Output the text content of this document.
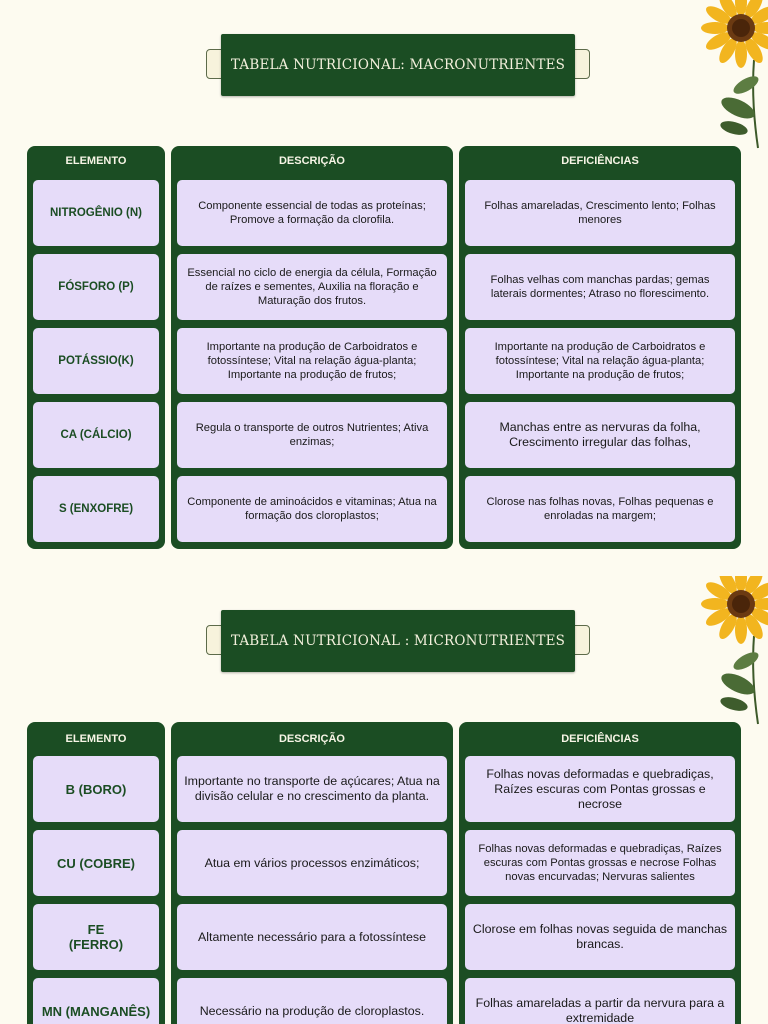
TABELA NUTRICIONAL: MACRONUTRIENTES
ELEMENTO
NITROGÊNIO (N)
FÓSFORO (P)
POTÁSSIO(K)
CA (CÁLCIO)
S (ENXOFRE)
DESCRIÇÃO
Componente essencial de todas as proteínas; Promove a formação da clorofila.
Essencial no ciclo de energia da célula, Formação de raízes e sementes, Auxilia na floração e Maturação dos frutos.
Importante na produção de Carboidratos e fotossíntese; Vital na relação água-planta; Importante na produção de frutos;
Regula o transporte de outros Nutrientes; Ativa enzimas;
Componente de aminoácidos e vitaminas; Atua na formação dos cloroplastos;
DEFICIÊNCIAS
Folhas amareladas, Crescimento lento; Folhas menores
Folhas velhas com manchas pardas; gemas laterais dormentes; Atraso no florescimento.
Importante na produção de Carboidratos e fotossíntese; Vital na relação água-planta; Importante na produção de frutos;
Manchas entre as nervuras da folha, Crescimento irregular das folhas,
Clorose nas folhas novas, Folhas pequenas e enroladas na margem;
TABELA NUTRICIONAL : MICRONUTRIENTES
ELEMENTO
B (BORO)
CU (COBRE)
FE
(FERRO)
MN (MANGANÊS)
DESCRIÇÃO
Importante no transporte de açúcares; Atua na divisão celular e no crescimento da planta.
Atua em vários processos enzimáticos;
Altamente necessário para a fotossíntese
Necessário na produção de cloroplastos.
DEFICIÊNCIAS
Folhas novas deformadas e quebradiças, Raízes escuras com Pontas grossas e necrose
Folhas novas deformadas e quebradiças, Raízes escuras com Pontas grossas e necrose Folhas novas encurvadas; Nervuras salientes
Clorose em folhas novas seguida de manchas brancas.
Folhas amareladas a partir da nervura para a extremidade
